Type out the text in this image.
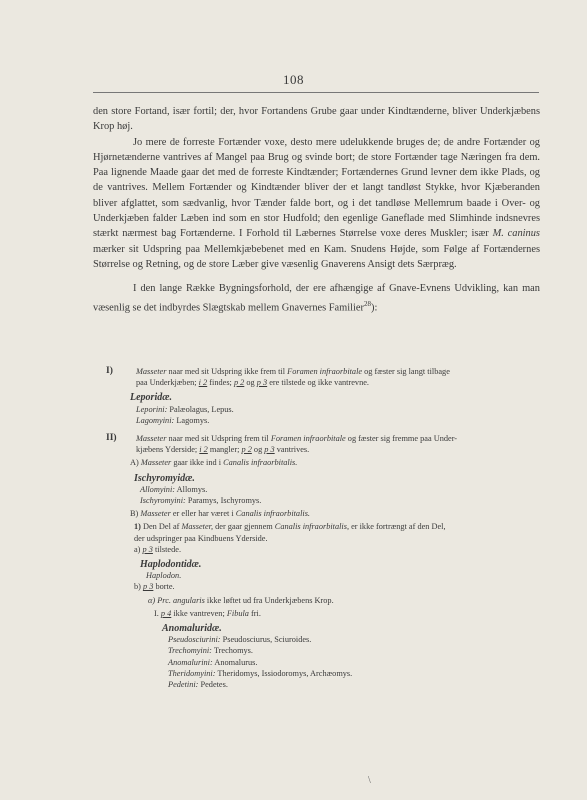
108

den store Fortand, især fortil; der, hvor Fortandens Grube gaar under Kindtænderne, bliver Underkjæbens Krop høj.

Jo mere de forreste Fortænder voxe, desto mere udelukkende bruges de; de andre Fortænder og Hjørnetænderne vantrives af Mangel paa Brug og svinde bort; de store Fortænder tage Næringen fra dem. Paa lignende Maade gaar det med de forreste Kindtænder; Fortændernes Grund levner dem ikke Plads, og de vantrives. Mellem Fortænder og Kindtænder bliver der et langt tandløst Stykke, hvor Kjæberanden bliver afglattet, som sædvanlig, hvor Tænder falde bort, og i det tandløse Mellemrum baade i Over- og Underkjæben falder Læben ind som en stor Hudfold; den egenlige Ganeflade med Slimhinde indsnevres stærkt nærmest bag Fortænderne. I Forhold til Læbernes Størrelse voxe deres Muskler; især M. caninus mærker sit Udspring paa Mellemkjæbebenet med en Kam. Snudens Højde, som Følge af Fortændernes Størrelse og Retning, og de store Læber give væsenlig Gnaverens Ansigt dets Særpræg.

I den lange Række Bygningsforhold, der ere afhængige af Gnave-Evnens Udvikling, kan man væsenlig se det indbyrdes Slægtskab mellem Gnavernes Familier$^{28}$):

I)	Masseter naar med sit Udspring ikke frem til Foramen infraorbitale og fæster sig langt tilbage
paa Underkjæben; i 2 findes; p 2 og p 3 ere tilstede og ikke vantrevne.
Leporidæ.
Leporini: Palæolagus, Lepus.
Lagomyini: Lagomys.
II) Masseter naar med sit Udspring frem til Foramen infraorbitale og fæster sig fremme paa Under-
kjæbens Yderside; i 2 mangler; p 2 og p 3 vantrives.
A) Masseter gaar ikke ind i Canalis infraorbitalis.
Ischyromyidæ.
Allomyini: Allomys.
Ischyromyini: Paramys, Ischyromys.
B) Masseter er eller har været i Canalis infraorbitalis.
1) Den Del af Masseter, der gaar gjennem Canalis infraorbitalis, er ikke fortrængt af den Del,
der udspringer paa Kindbuens Yderside.
a) p 3 tilstede.
Haplodontidæ.
Haplodon.
b) p 3 borte.
α) Prc. angularis ikke løftet ud fra Underkjæbens Krop.
I. p 4 ikke vantreven; Fibula fri.
Anomaluridæ.
Pseudosciurini: Pseudosciurus, Sciuroides.
Trechomyini: Trechomys.
Anomalurini: Anomalurus.
Theridomyini: Theridomys, Issiodoromys, Archæomys.
Pedetini: Pedetes.
\
